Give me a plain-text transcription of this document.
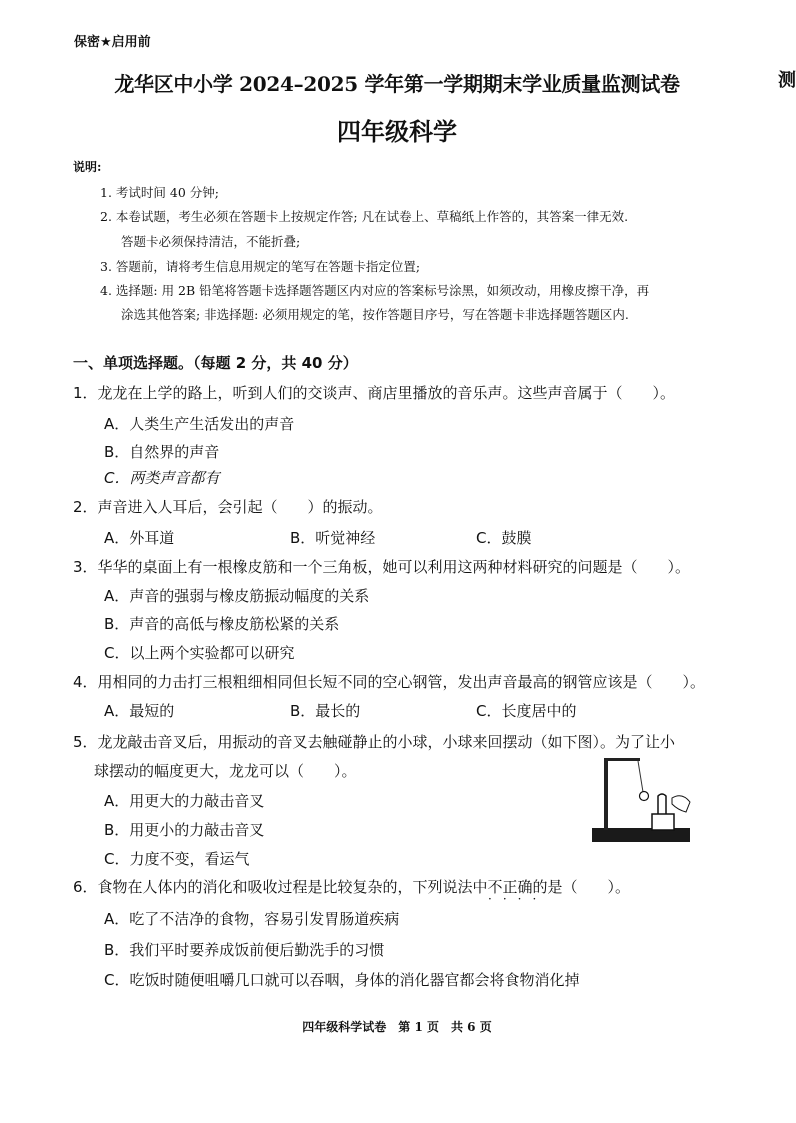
保密★启用前
测
龙华区中小学 2024–2025 学年第一学期期末学业质量监测试卷
四年级科学
说明:
1. 考试时间 40 分钟;
2. 本卷试题，考生必须在答题卡上按规定作答; 凡在试卷上、草稿纸上作答的，其答案一律无效.
答题卡必须保持清洁，不能折叠;
3. 答题前，请将考生信息用规定的笔写在答题卡指定位置;
4. 选择题: 用 2B 铅笔将答题卡选择题答题区内对应的答案标号涂黑，如须改动，用橡皮擦干净，再
涂选其他答案; 非选择题: 必须用规定的笔，按作答题目序号，写在答题卡非选择题答题区内.
一、单项选择题。（每题 2 分，共 40 分）
1．龙龙在上学的路上，听到人们的交谈声、商店里播放的音乐声。这些声音属于（　　）。
A．人类生产生活发出的声音
B．自然界的声音
C．两类声音都有
2．声音进入人耳后，会引起（　　）的振动。
A．外耳道	B．听觉神经	C．鼓膜
3．华华的桌面上有一根橡皮筋和一个三角板，她可以利用这两种材料研究的问题是（　　）。
A．声音的强弱与橡皮筋振动幅度的关系
B．声音的高低与橡皮筋松紧的关系
C．以上两个实验都可以研究
4．用相同的力击打三根粗细相同但长短不同的空心钢管，发出声音最高的钢管应该是（　　）。
A．最短的	B．最长的	C．长度居中的
5．龙龙敲击音叉后，用振动的音叉去触碰静止的小球，小球来回摆动（如下图）。为了让小
球摆动的幅度更大，龙龙可以（　　）。
A．用更大的力敲击音叉
B．用更小的力敲击音叉
C．力度不变，看运气
6．食物在人体内的消化和吸收过程是比较复杂的，下列说法中不正确的是（　　）。
····
A．吃了不洁净的食物，容易引发胃肠道疾病
B．我们平时要养成饭前便后勤洗手的习惯
C．吃饭时随便咀嚼几口就可以吞咽，身体的消化器官都会将食物消化掉
四年级科学试卷　第 1 页　共 6 页
